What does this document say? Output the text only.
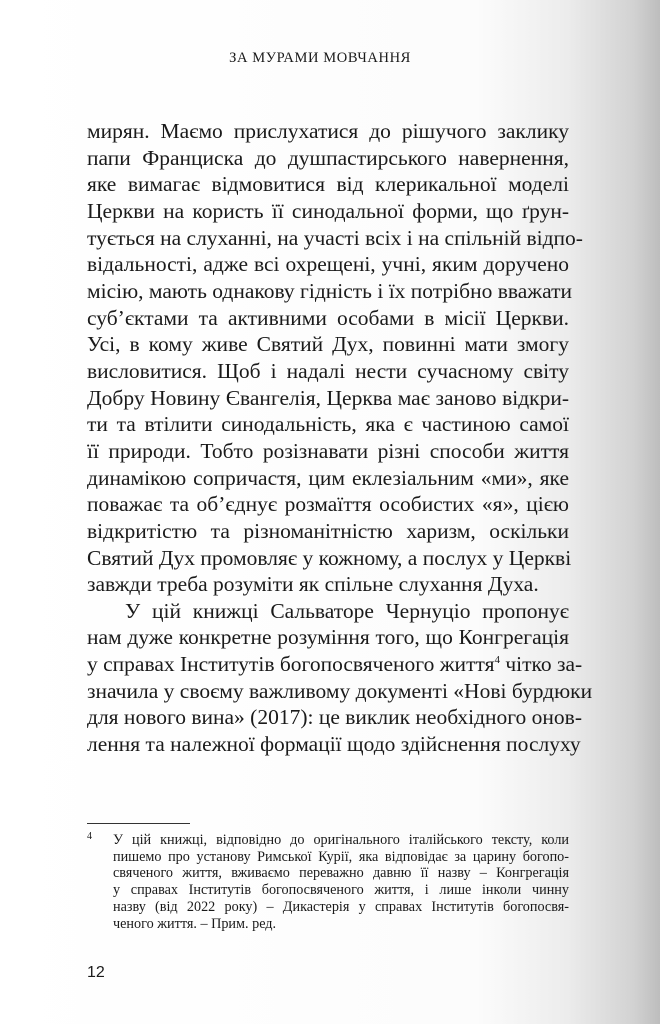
ЗА МУРАМИ МОВЧАННЯ
мирян. Маємо прислухатися до рішучого заклику
папи Франциска до душпастирського навернення,
яке вимагає відмовитися від клерикальної моделі
Церкви на користь її синодальної форми, що ґрун-
тується на слуханні, на участі всіх і на спільній відпо-
відальності, адже всі охрещені, учні, яким доручено
місію, мають однакову гідність і їх потрібно вважати
суб’єктами та активними особами в місії Церкви.
Усі, в кому живе Святий Дух, повинні мати змогу
висловитися. Щоб і надалі нести сучасному світу
Добру Новину Євангелія, Церква має заново відкри-
ти та втілити синодальність, яка є частиною самої
її природи. Тобто розізнавати різні способи життя
динамікою сопричастя, цим еклезіальним «ми», яке
поважає та об’єднує розмаїття особистих «я», цією
відкритістю та різноманітністю харизм, оскільки
Святий Дух промовляє у кожному, а послух у Церкві
завжди треба розуміти як спільне слухання Духа.
У цій книжці Сальваторе Чернуціо пропонує
нам дуже конкретне розуміння того, що Конгрегація
у справах Інститутів богопосвяченого життя$^4$ чітко за-
значила у своєму важливому документі «Нові бурдюки
для нового вина» (2017): це виклик необхідного онов-
лення та належної формації щодо здійснення послуху
4 У цій книжці, відповідно до оригінального італійського тексту, коли
пишемо про установу Римської Курії, яка відповідає за царину богопо-
свяченого життя, вживаємо переважно давню її назву – Конгрегація
у справах Інститутів богопосвяченого життя, і лише інколи чинну
назву (від 2022 року) – Дикастерія у справах Інститутів богопосвя-
ченого життя. – Прим. ред.
12
